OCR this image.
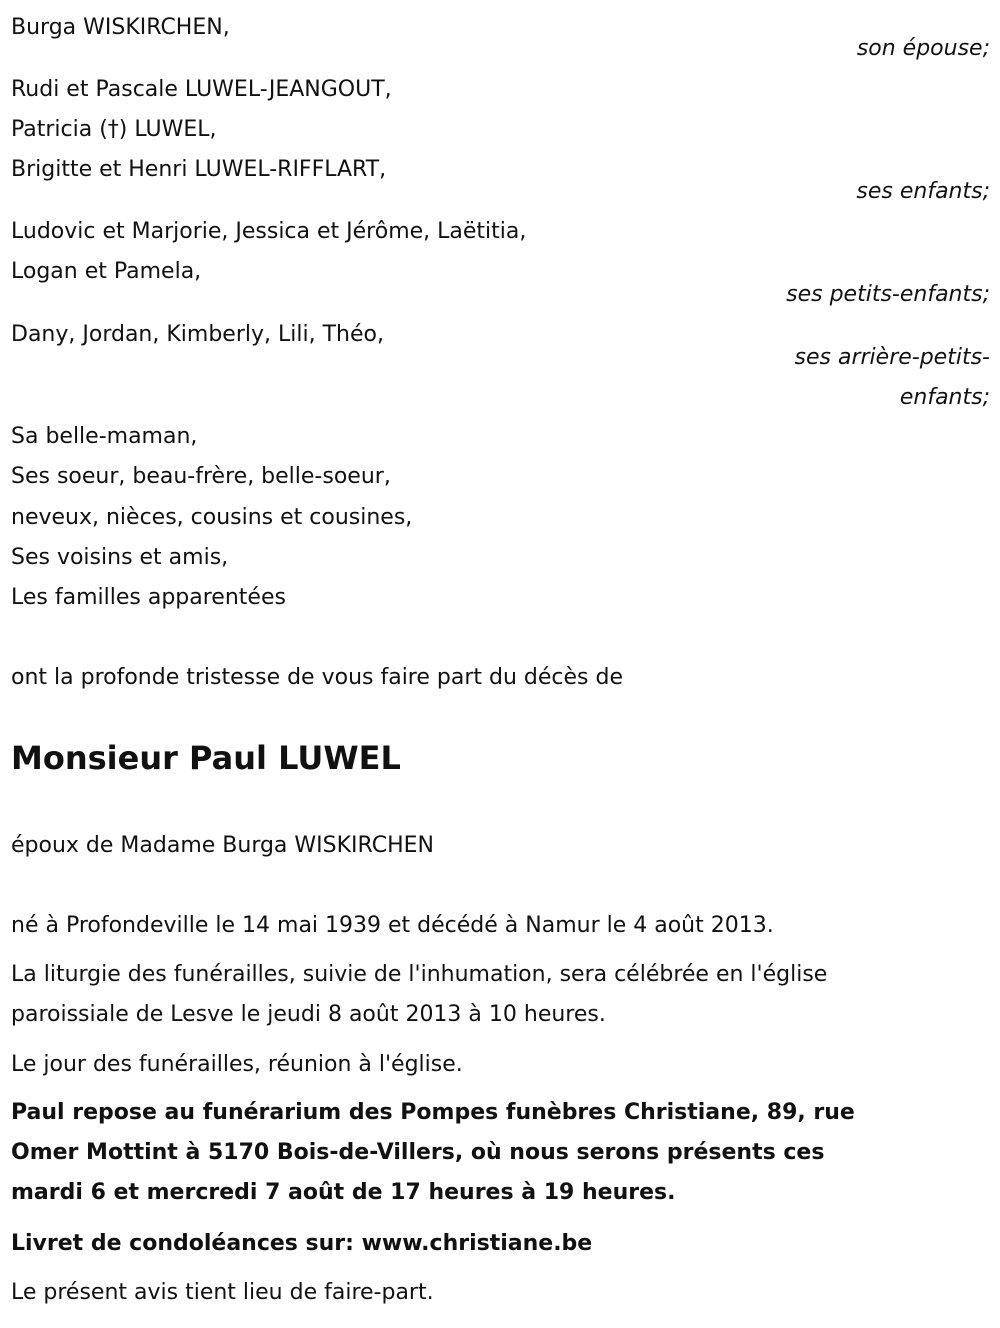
Burga WISKIRCHEN,
son épouse;
Rudi et Pascale LUWEL-JEANGOUT,
Patricia (†) LUWEL,
Brigitte et Henri LUWEL-RIFFLART,
ses enfants;
Ludovic et Marjorie, Jessica et Jérôme, Laëtitia,
Logan et Pamela,
ses petits-enfants;
Dany, Jordan, Kimberly, Lili, Théo,
ses arrière-petits-
enfants;
Sa belle-maman,
Ses soeur, beau-frère, belle-soeur,
neveux, nièces, cousins et cousines,
Ses voisins et amis,
Les familles apparentées
ont la profonde tristesse de vous faire part du décès de
Monsieur Paul LUWEL
époux de Madame Burga WISKIRCHEN
né à Profondeville le 14 mai 1939 et décédé à Namur le 4 août 2013.
La liturgie des funérailles, suivie de l'inhumation, sera célébrée en l'église
paroissiale de Lesve le jeudi 8 août 2013 à 10 heures.
Le jour des funérailles, réunion à l'église.
Paul repose au funérarium des Pompes funèbres Christiane, 89, rue
Omer Mottint à 5170 Bois-de-Villers, où nous serons présents ces
mardi 6 et mercredi 7 août de 17 heures à 19 heures.
Livret de condoléances sur: www.christiane.be
Le présent avis tient lieu de faire-part.
